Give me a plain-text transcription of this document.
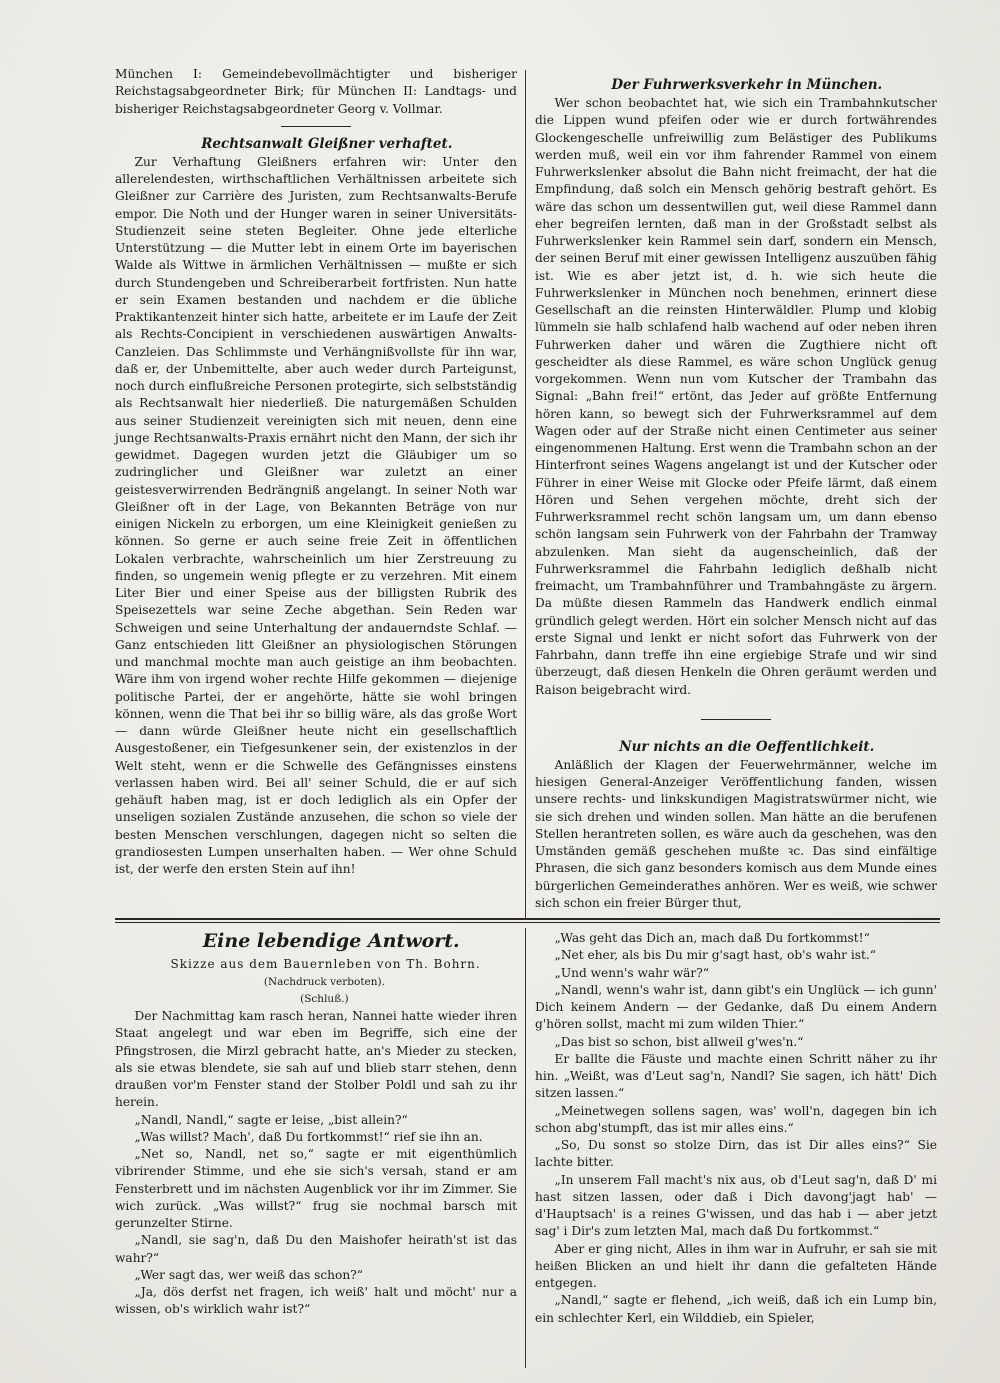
München I: Gemeindebevollmächtigter und bisheriger Reichstagsabgeordneter Birk; für München II: Landtags- und bisheriger Reichstagsabgeordneter Georg v. Vollmar.

Rechtsanwalt Gleißner verhaftet.

Zur Verhaftung Gleißners erfahren wir: Unter den allerelendesten, wirthschaftlichen Verhältnissen arbeitete sich Gleißner zur Carrière des Juristen, zum Rechtsanwalts-Berufe empor. Die Noth und der Hunger waren in seiner Universitäts-Studienzeit seine steten Begleiter. Ohne jede elterliche Unterstützung — die Mutter lebt in einem Orte im bayerischen Walde als Wittwe in ärmlichen Verhältnissen — mußte er sich durch Stundengeben und Schreiberarbeit fortfristen. Nun hatte er sein Examen bestanden und nachdem er die übliche Praktikantenzeit hinter sich hatte, arbeitete er im Laufe der Zeit als Rechts-Concipient in verschiedenen auswärtigen Anwalts-Canzleien. Das Schlimmste und Verhängnißvollste für ihn war, daß er, der Unbemittelte, aber auch weder durch Parteigunst, noch durch einflußreiche Personen protegirte, sich selbstständig als Rechtsanwalt hier niederließ. Die naturgemäßen Schulden aus seiner Studienzeit vereinigten sich mit neuen, denn eine junge Rechtsanwalts-Praxis ernährt nicht den Mann, der sich ihr gewidmet. Dagegen wurden jetzt die Gläubiger um so zudringlicher und Gleißner war zuletzt an einer geistesverwirrenden Bedrängniß angelangt. In seiner Noth war Gleißner oft in der Lage, von Bekannten Beträge von nur einigen Nickeln zu erborgen, um eine Kleinigkeit genießen zu können. So gerne er auch seine freie Zeit in öffentlichen Lokalen verbrachte, wahrscheinlich um hier Zerstreuung zu finden, so ungemein wenig pflegte er zu verzehren. Mit einem Liter Bier und einer Speise aus der billigsten Rubrik des Speisezettels war seine Zeche abgethan. Sein Reden war Schweigen und seine Unterhaltung der andauerndste Schlaf. — Ganz entschieden litt Gleißner an physiologischen Störungen und manchmal mochte man auch geistige an ihm beobachten. Wäre ihm von irgend woher rechte Hilfe gekommen — diejenige politische Partei, der er angehörte, hätte sie wohl bringen können, wenn die That bei ihr so billig wäre, als das große Wort — dann würde Gleißner heute nicht ein gesellschaftlich Ausgestoßener, ein Tiefgesunkener sein, der existenzlos in der Welt steht, wenn er die Schwelle des Gefängnisses einstens verlassen haben wird. Bei all' seiner Schuld, die er auf sich gehäuft haben mag, ist er doch lediglich als ein Opfer der unseligen sozialen Zustände anzusehen, die schon so viele der besten Menschen verschlungen, dagegen nicht so selten die grandiosesten Lumpen unserhalten haben. — Wer ohne Schuld ist, der werfe den ersten Stein auf ihn!

Der Fuhrwerksverkehr in München.

Wer schon beobachtet hat, wie sich ein Trambahnkutscher die Lippen wund pfeifen oder wie er durch fortwährendes Glockengeschelle unfreiwillig zum Belästiger des Publikums werden muß, weil ein vor ihm fahrender Rammel von einem Fuhrwerkslenker absolut die Bahn nicht freimacht, der hat die Empfindung, daß solch ein Mensch gehörig bestraft gehört. Es wäre das schon um dessentwillen gut, weil diese Rammel dann eher begreifen lernten, daß man in der Großstadt selbst als Fuhrwerkslenker kein Rammel sein darf, sondern ein Mensch, der seinen Beruf mit einer gewissen Intelligenz auszuüben fähig ist. Wie es aber jetzt ist, d. h. wie sich heute die Fuhrwerkslenker in München noch benehmen, erinnert diese Gesellschaft an die reinsten Hinterwäldler. Plump und klobig lümmeln sie halb schlafend halb wachend auf oder neben ihren Fuhrwerken daher und wären die Zugthiere nicht oft gescheidter als diese Rammel, es wäre schon Unglück genug vorgekommen. Wenn nun vom Kutscher der Trambahn das Signal: „Bahn frei!“ ertönt, das Jeder auf größte Entfernung hören kann, so bewegt sich der Fuhrwerksrammel auf dem Wagen oder auf der Straße nicht einen Centimeter aus seiner eingenommenen Haltung. Erst wenn die Trambahn schon an der Hinterfront seines Wagens angelangt ist und der Kutscher oder Führer in einer Weise mit Glocke oder Pfeife lärmt, daß einem Hören und Sehen vergehen möchte, dreht sich der Fuhrwerksrammel recht schön langsam um, um dann ebenso schön langsam sein Fuhrwerk von der Fahrbahn der Tramway abzulenken. Man sieht da augenscheinlich, daß der Fuhrwerksrammel die Fahrbahn lediglich deßhalb nicht freimacht, um Trambahnführer und Trambahngäste zu ärgern. Da müßte diesen Rammeln das Handwerk endlich einmal gründlich gelegt werden. Hört ein solcher Mensch nicht auf das erste Signal und lenkt er nicht sofort das Fuhrwerk von der Fahrbahn, dann treffe ihn eine ergiebige Strafe und wir sind überzeugt, daß diesen Henkeln die Ohren geräumt werden und Raison beigebracht wird.

Nur nichts an die Oeffentlichkeit.

Anläßlich der Klagen der Feuerwehrmänner, welche im hiesigen General-Anzeiger Veröffentlichung fanden, wissen unsere rechts- und linkskundigen Magistratswürmer nicht, wie sie sich drehen und winden sollen. Man hätte an die berufenen Stellen herantreten sollen, es wäre auch da geschehen, was den Umständen gemäß geschehen mußte ꝛc. Das sind einfältige Phrasen, die sich ganz besonders komisch aus dem Munde eines bürgerlichen Gemeinderathes anhören. Wer es weiß, wie schwer sich schon ein freier Bürger thut,

Eine lebendige Antwort.

Skizze aus dem Bauernleben von Th. Bohrn.

(Nachdruck verboten).

(Schluß.)

Der Nachmittag kam rasch heran, Nannei hatte wieder ihren Staat angelegt und war eben im Begriffe, sich eine der Pfingstrosen, die Mirzl gebracht hatte, an's Mieder zu stecken, als sie etwas blendete, sie sah auf und blieb starr stehen, denn draußen vor'm Fenster stand der Stolber Poldl und sah zu ihr herein.

„Nandl, Nandl,“ sagte er leise, „bist allein?“

„Was willst? Mach', daß Du fortkommst!“ rief sie ihn an.

„Net so, Nandl, net so,“ sagte er mit eigenthümlich vibrirender Stimme, und ehe sie sich's versah, stand er am Fensterbrett und im nächsten Augenblick vor ihr im Zimmer. Sie wich zurück. „Was willst?“ frug sie nochmal barsch mit gerunzelter Stirne.

„Nandl, sie sag'n, daß Du den Maishofer heirath'st ist das wahr?“

„Wer sagt das, wer weiß das schon?“

„Ja, dös derfst net fragen, ich weiß' halt und möcht' nur a wissen, ob's wirklich wahr ist?“

„Was geht das Dich an, mach daß Du fortkommst!“

„Net eher, als bis Du mir g'sagt hast, ob's wahr ist.“

„Und wenn's wahr wär?“

„Nandl, wenn's wahr ist, dann gibt's ein Unglück — ich gunn' Dich keinem Andern — der Gedanke, daß Du einem Andern g'hören sollst, macht mi zum wilden Thier.“

„Das bist so schon, bist allweil g'wes'n.“

Er ballte die Fäuste und machte einen Schritt näher zu ihr hin. „Weißt, was d'Leut sag'n, Nandl? Sie sagen, ich hätt' Dich sitzen lassen.“

„Meinetwegen sollens sagen, was' woll'n, dagegen bin ich schon abg'stumpft, das ist mir alles eins.“

„So, Du sonst so stolze Dirn, das ist Dir alles eins?“ Sie lachte bitter.

„In unserem Fall macht's nix aus, ob d'Leut sag'n, daß D' mi hast sitzen lassen, oder daß i Dich davong'jagt hab' — d'Hauptsach' is a reines G'wissen, und das hab i — aber jetzt sag' i Dir's zum letzten Mal, mach daß Du fortkommst.“

Aber er ging nicht, Alles in ihm war in Aufruhr, er sah sie mit heißen Blicken an und hielt ihr dann die gefalteten Hände entgegen.

„Nandl,“ sagte er flehend, „ich weiß, daß ich ein Lump bin, ein schlechter Kerl, ein Wilddieb, ein Spieler,
